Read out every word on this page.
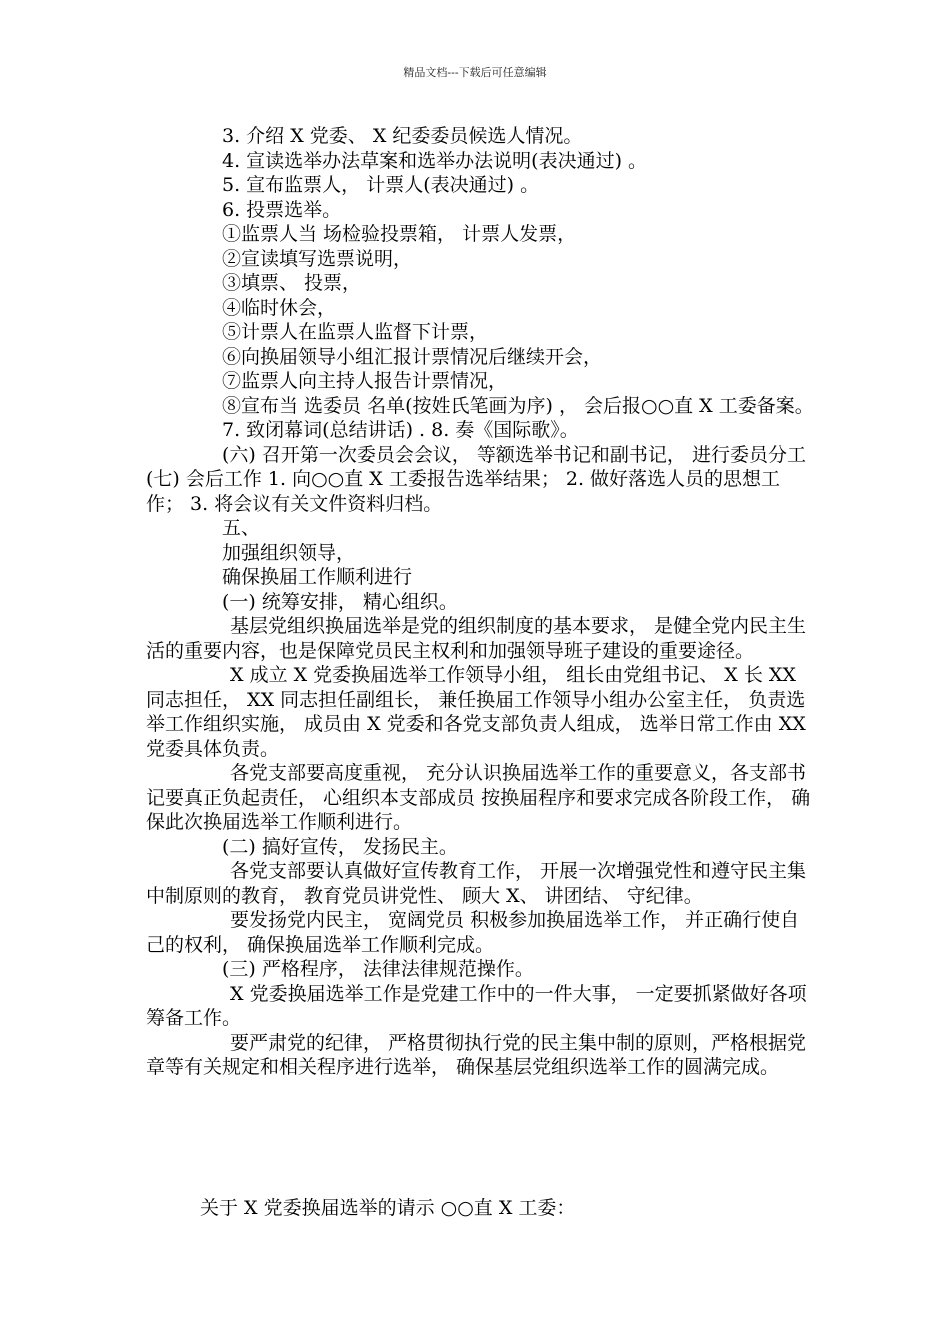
精品文档---下载后可任意编辑

3. 介绍 X 党委、 X 纪委委员候选人情况。

4. 宣读选举办法草案和选举办法说明(表决通过) 。

5. 宣布监票人， 计票人(表决通过) 。

6. 投票选举。

①监票人当 场检验投票箱， 计票人发票，

②宣读填写选票说明，

③填票、 投票，

④临时休会，

⑤计票人在监票人监督下计票，

⑥向换届领导小组汇报计票情况后继续开会，

⑦监票人向主持人报告计票情况，

⑧宣布当 选委员 名单(按姓氏笔画为序) ， 会后报○○直 X 工委备案。

7. 致闭幕词(总结讲话) . 8. 奏《国际歌》。

(六) 召开第一次委员会会议， 等额选举书记和副书记， 进行委员分工 (七) 会后工作 1. 向○○直 X 工委报告选举结果； 2. 做好落选人员的思想工作； 3. 将会议有关文件资料归档。

五、

加强组织领导，

确保换届工作顺利进行

(一) 统筹安排， 精心组织。

基层党组织换届选举是党的组织制度的基本要求， 是健全党内民主生活的重要内容，也是保障党员民主权利和加强领导班子建设的重要途径。

X 成立 X 党委换届选举工作领导小组， 组长由党组书记、 X 长 XX 同志担任， XX 同志担任副组长， 兼任换届工作领导小组办公室主任， 负责选举工作组织实施， 成员由 X 党委和各党支部负责人组成， 选举日常工作由 XX 党委具体负责。

各党支部要高度重视， 充分认识换届选举工作的重要意义，各支部书 记要真正负起责任， 心组织本支部成员 按换届程序和要求完成各阶段工作， 确保此次换届选举工作顺利进行。

(二) 搞好宣传， 发扬民主。

各党支部要认真做好宣传教育工作， 开展一次增强党性和遵守民主集中制原则的教育， 教育党员讲党性、 顾大 X、 讲团结、 守纪律。

要发扬党内民主， 宽阔党员 积极参加换届选举工作， 并正确行使自己的权利， 确保换届选举工作顺利完成。

(三) 严格程序， 法律法律规范操作。

X 党委换届选举工作是党建工作中的一件大事， 一定要抓紧做好各项筹备工作。

要严肃党的纪律， 严格贯彻执行党的民主集中制的原则，严格根据党章等有关规定和相关程序进行选举， 确保基层党组织选举工作的圆满完成。

关于 X 党委换届选举的请示 ○○直 X 工委：
